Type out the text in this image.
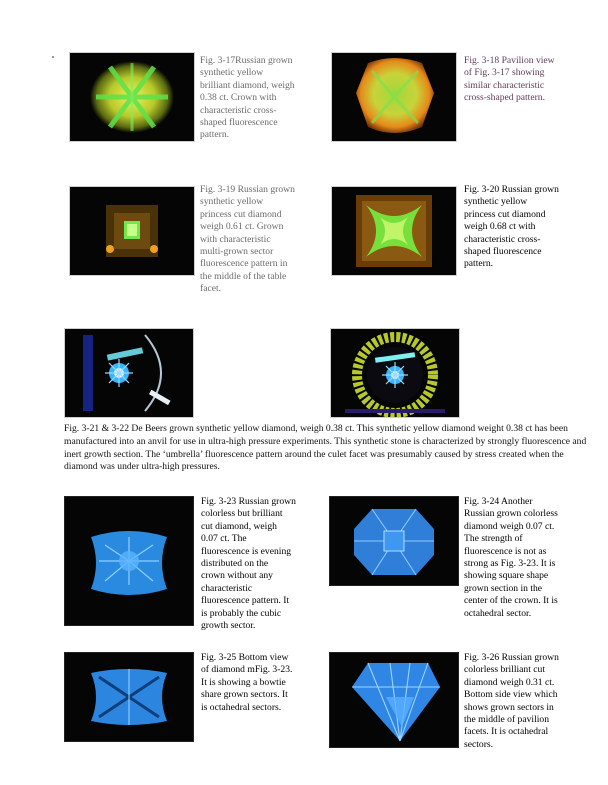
Fig. 3-17Russian grown
synthetic yellow
brilliant diamond, weigh
0.38 ct. Crown with
characteristic cross-
shaped fluorescence
pattern.
Fig. 3-18 Pavilion view
of Fig. 3-17 showing
similar characteristic
cross-shaped pattern.
Fig. 3-19 Russian grown
synthetic yellow
princess cut diamond
weigh 0.61 ct. Grown
with characteristic
multi-grown sector
fluorescence pattern in
the middle of the table
facet.
Fig. 3-20 Russian grown
synthetic yellow
princess cut diamond
weigh 0.68 ct with
characteristic cross-
shaped fluorescence
pattern.
Fig. 3-21 & 3-22 De Beers grown synthetic yellow diamond, weigh 0.38 ct. This synthetic yellow diamond weight 0.38 ct has been manufactured into an anvil for use in ultra-high pressure experiments. This synthetic stone is characterized by strongly fluorescence and inert growth section. The ‘umbrella’ fluorescence pattern around the culet facet was presumably caused by stress created when the diamond was under ultra-high pressures.
Fig. 3-23 Russian grown
colorless but brilliant
cut diamond, weigh
0.07 ct. The
fluorescence is evening
distributed on the
crown without any
characteristic
fluorescence pattern. It
is probably the cubic
growth sector.
Fig. 3-24 Another
Russian grown colorless
diamond weigh 0.07 ct.
The strength of
fluorescence is not as
strong as Fig. 3-23. It is
showing square shape
grown section in the
center of the crown. It is
octahedral sector.
Fig. 3-25 Bottom view
of diamond mFig. 3-23.
It is showing a bowtie
share grown sectors. It
is octahedral sectors.
Fig. 3-26 Russian grown
colorless brilliant cut
diamond weigh 0.31 ct.
Bottom side view which
shows grown sectors in
the middle of pavilion
facets. It is octahedral
sectors.
